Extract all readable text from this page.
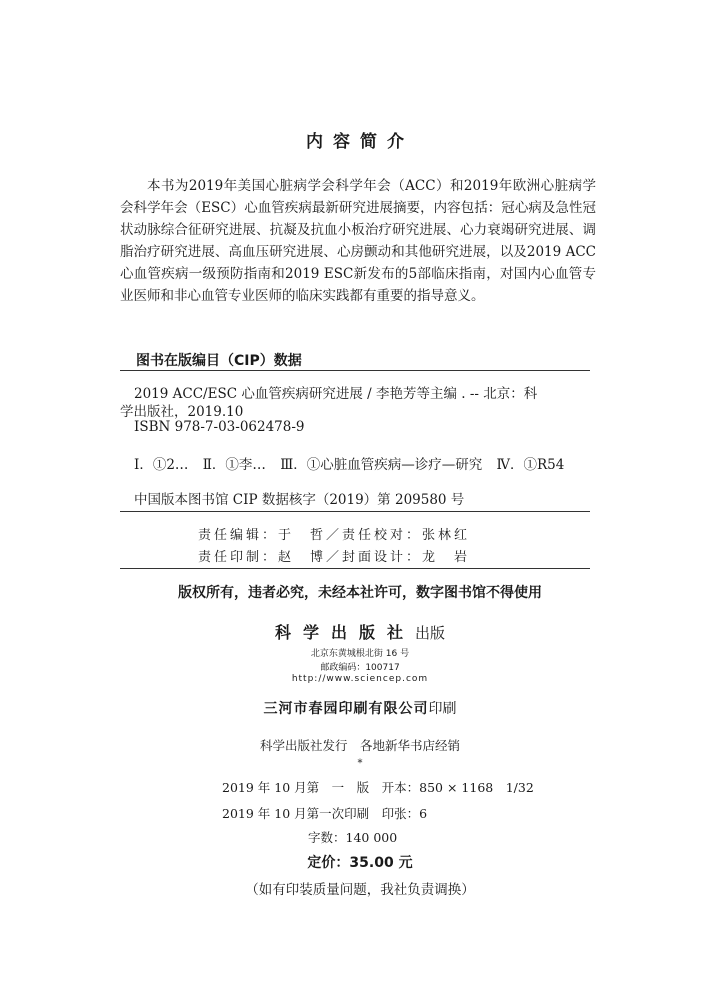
内容简介

本书为2019年美国心脏病学会科学年会（ACC）和2019年欧洲心脏病学会科学年会（ESC）心血管疾病最新研究进展摘要，内容包括：冠心病及急性冠状动脉综合征研究进展、抗凝及抗血小板治疗研究进展、心力衰竭研究进展、调脂治疗研究进展、高血压研究进展、心房颤动和其他研究进展，以及2019 ACC心血管疾病一级预防指南和2019 ESC新发布的5部临床指南，对国内心血管专业医师和非心血管专业医师的临床实践都有重要的指导意义。

图书在版编目（CIP）数据
2019 ACC/ESC 心血管疾病研究进展 / 李艳芳等主编 . -- 北京：科
学出版社，2019.10
ISBN 978-7-03-062478-9
Ⅰ．①2… Ⅱ．①李… Ⅲ．①心脏血管疾病—诊疗—研究 Ⅳ．①R54
中国版本图书馆 CIP 数据核字（2019）第 209580 号
责任编辑：于　哲／责任校对：张林红
责任印制：赵　博／封面设计：龙　岩
版权所有，违者必究，未经本社许可，数字图书馆不得使用
科学出版社出版
北京东黄城根北街 16 号
邮政编码：100717
http://www.sciencep.com
三河市春园印刷有限公司印刷
科学出版社发行　各地新华书店经销
*
2019 年 10 月第　一　版　开本：850 × 1168　1/32
2019 年 10 月第一次印刷　印张：6
字数：140 000
定价：35.00 元
（如有印装质量问题，我社负责调换）
